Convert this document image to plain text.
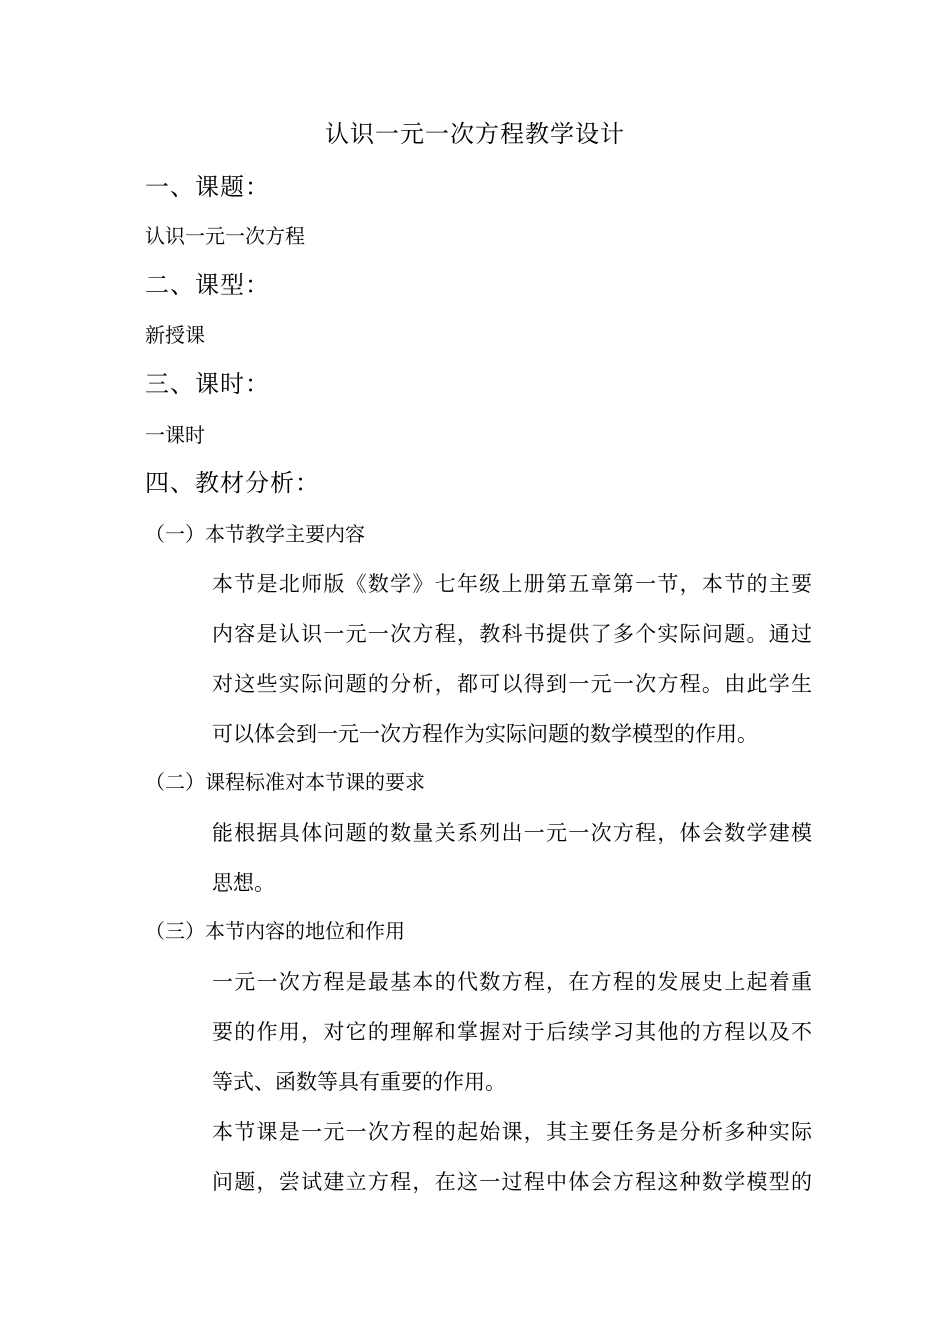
认识一元一次方程教学设计
一、课题：
认识一元一次方程
二、课型：
新授课
三、课时：
一课时
四、教材分析：
（一）本节教学主要内容
本节是北师版《数学》七年级上册第五章第一节，本节的主要
内容是认识一元一次方程，教科书提供了多个实际问题。通过
对这些实际问题的分析，都可以得到一元一次方程。由此学生
可以体会到一元一次方程作为实际问题的数学模型的作用。
（二）课程标准对本节课的要求
能根据具体问题的数量关系列出一元一次方程，体会数学建模
思想。
（三）本节内容的地位和作用
一元一次方程是最基本的代数方程，在方程的发展史上起着重
要的作用，对它的理解和掌握对于后续学习其他的方程以及不
等式、函数等具有重要的作用。
本节课是一元一次方程的起始课，其主要任务是分析多种实际
问题，尝试建立方程，在这一过程中体会方程这种数学模型的
